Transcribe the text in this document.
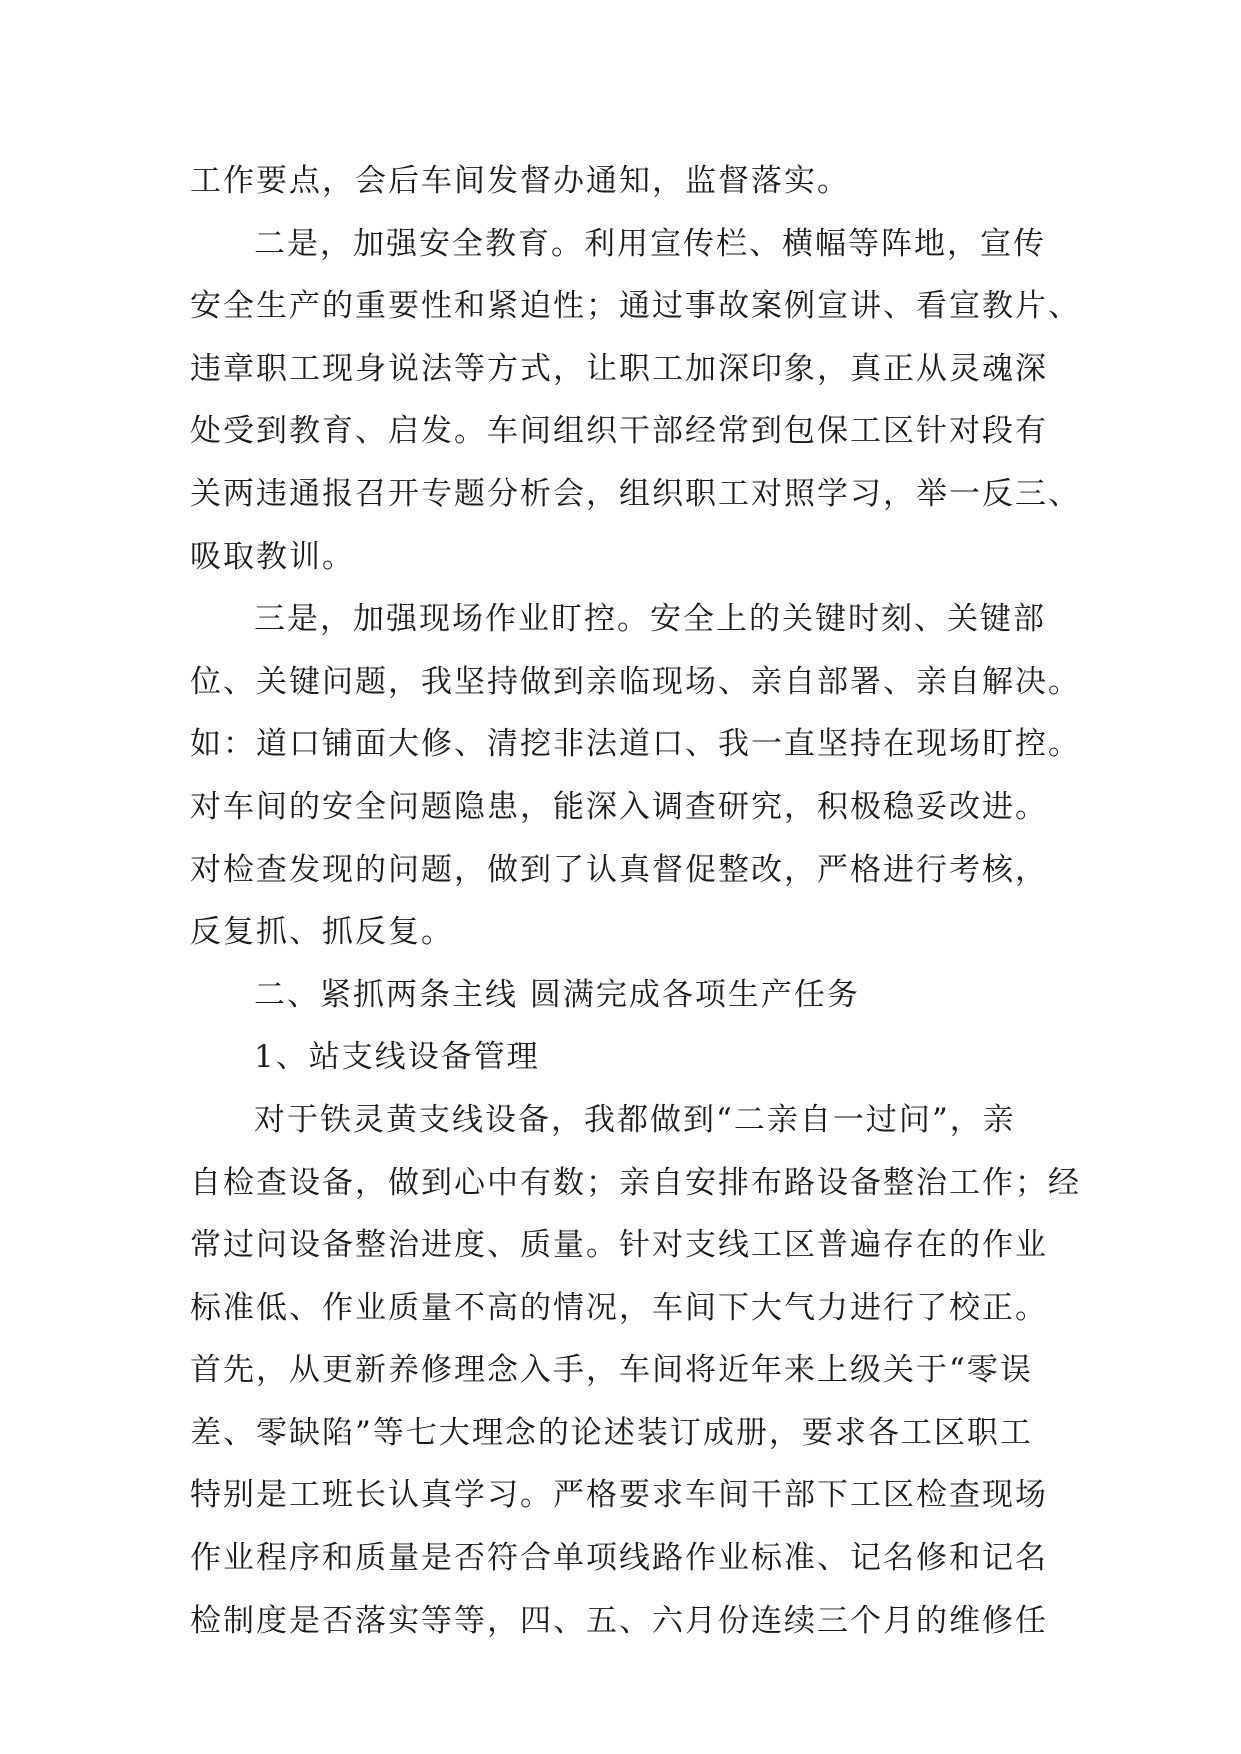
工作要点，会后车间发督办通知，监督落实。
二是，加强安全教育。利用宣传栏、横幅等阵地，宣传
安全生产的重要性和紧迫性；通过事故案例宣讲、看宣教片、
违章职工现身说法等方式，让职工加深印象，真正从灵魂深
处受到教育、启发。车间组织干部经常到包保工区针对段有
关两违通报召开专题分析会，组织职工对照学习，举一反三、
吸取教训。
三是，加强现场作业盯控。安全上的关键时刻、关键部
位、关键问题，我坚持做到亲临现场、亲自部署、亲自解决。
如：道口铺面大修、清挖非法道口、我一直坚持在现场盯控。
对车间的安全问题隐患，能深入调查研究，积极稳妥改进。
对检查发现的问题，做到了认真督促整改，严格进行考核，
反复抓、抓反复。
二、紧抓两条主线 圆满完成各项生产任务
1、站支线设备管理
对于铁灵黄支线设备，我都做到“二亲自一过问”，亲
自检查设备，做到心中有数；亲自安排布路设备整治工作；经
常过问设备整治进度、质量。针对支线工区普遍存在的作业
标准低、作业质量不高的情况，车间下大气力进行了校正。
首先，从更新养修理念入手，车间将近年来上级关于“零误
差、零缺陷”等七大理念的论述装订成册，要求各工区职工
特别是工班长认真学习。严格要求车间干部下工区检查现场
作业程序和质量是否符合单项线路作业标准、记名修和记名
检制度是否落实等等，四、五、六月份连续三个月的维修任
